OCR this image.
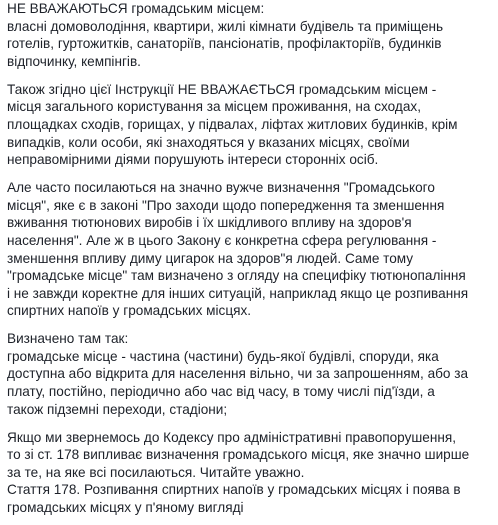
НЕ ВВАЖАЮТЬСЯ громадським місцем:
власні домоволодіння, квартири, жилі кімнати будівель та приміщень
готелів, гуртожитків, санаторіїв, пансіонатів, профілакторіїв, будинків
відпочинку, кемпінгів.
Також згідно цієї Інструкції НЕ ВВАЖАЄТЬСЯ громадським місцем -
місця загального користування за місцем проживання, на сходах,
площадках сходів, горищах, у підвалах, ліфтах житлових будинків, крім
випадків, коли особи, які знаходяться у вказаних місцях, своїми
неправомірними діями порушують інтереси сторонніх осіб.
Але часто посилаються на значно вужче визначення "Громадського
місця", яке є в законі "Про заходи щодо попередження та зменшення
вживання тютюнових виробів і їх шкідливого впливу на здоров'я
населення". Але ж в цього Закону є конкретна сфера регулювання -
зменшення впливу диму цигарок на здоров"я людей. Саме тому
"громадське місце" там визначено з огляду на специфіку тютюнопаління
і не завжди коректне для інших ситуацій, наприклад якщо це розпивання
спиртних напоїв у громадських місцях.
Визначено там так:
громадське місце - частина (частини) будь-якої будівлі, споруди, яка
доступна або відкрита для населення вільно, чи за запрошенням, або за
плату, постійно, періодично або час від часу, в тому числі під'їзди, а
також підземні переходи, стадіони;
Якщо ми звернемось до Кодексу про адміністративні правопорушення,
то зі ст. 178 випливає визначення громадського місця, яке значно ширше
за те, на яке всі посилаються. Читайте уважно.
Стаття 178. Розпивання спиртних напоїв у громадських місцях і поява в
громадських місцях у п'яному вигляді
